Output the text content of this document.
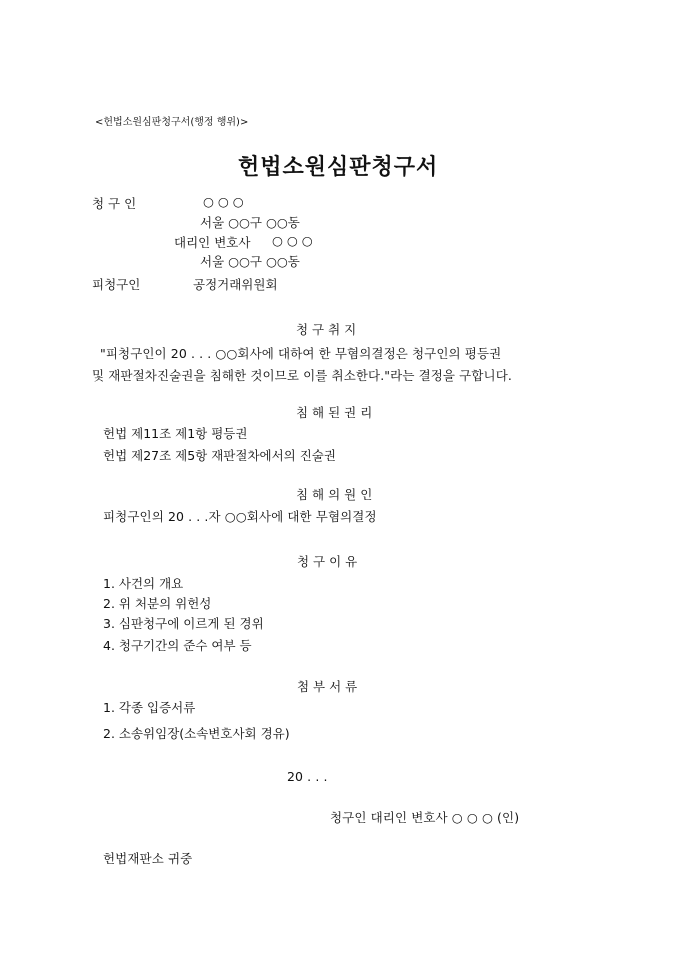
<헌법소원심판청구서(행정 행위)>
헌법소원심판청구서
청 구 인	○ ○ ○
서울 ○○구 ○○동
대리인 변호사 ○ ○ ○
서울 ○○구 ○○동
피청구인	공정거래위원회
청 구 취 지
"피청구인이 20 . . . ○○회사에 대하여 한 무혐의결정은 청구인의 평등권
및 재판절차진술권을 침해한 것이므로 이를 취소한다."라는 결정을 구합니다.
침 해 된 권 리
헌법 제11조 제1항 평등권
헌법 제27조 제5항 재판절차에서의 진술권
침 해 의 원 인
피청구인의 20 . . .자 ○○회사에 대한 무혐의결정
청 구 이 유
1. 사건의 개요
2. 위 처분의 위헌성
3. 심판청구에 이르게 된 경위
4. 청구기간의 준수 여부 등
첨 부 서 류
1. 각종 입증서류
2. 소송위임장(소속변호사회 경유)
20 . . .
청구인 대리인 변호사 ○ ○ ○ (인)
헌법재판소 귀중
